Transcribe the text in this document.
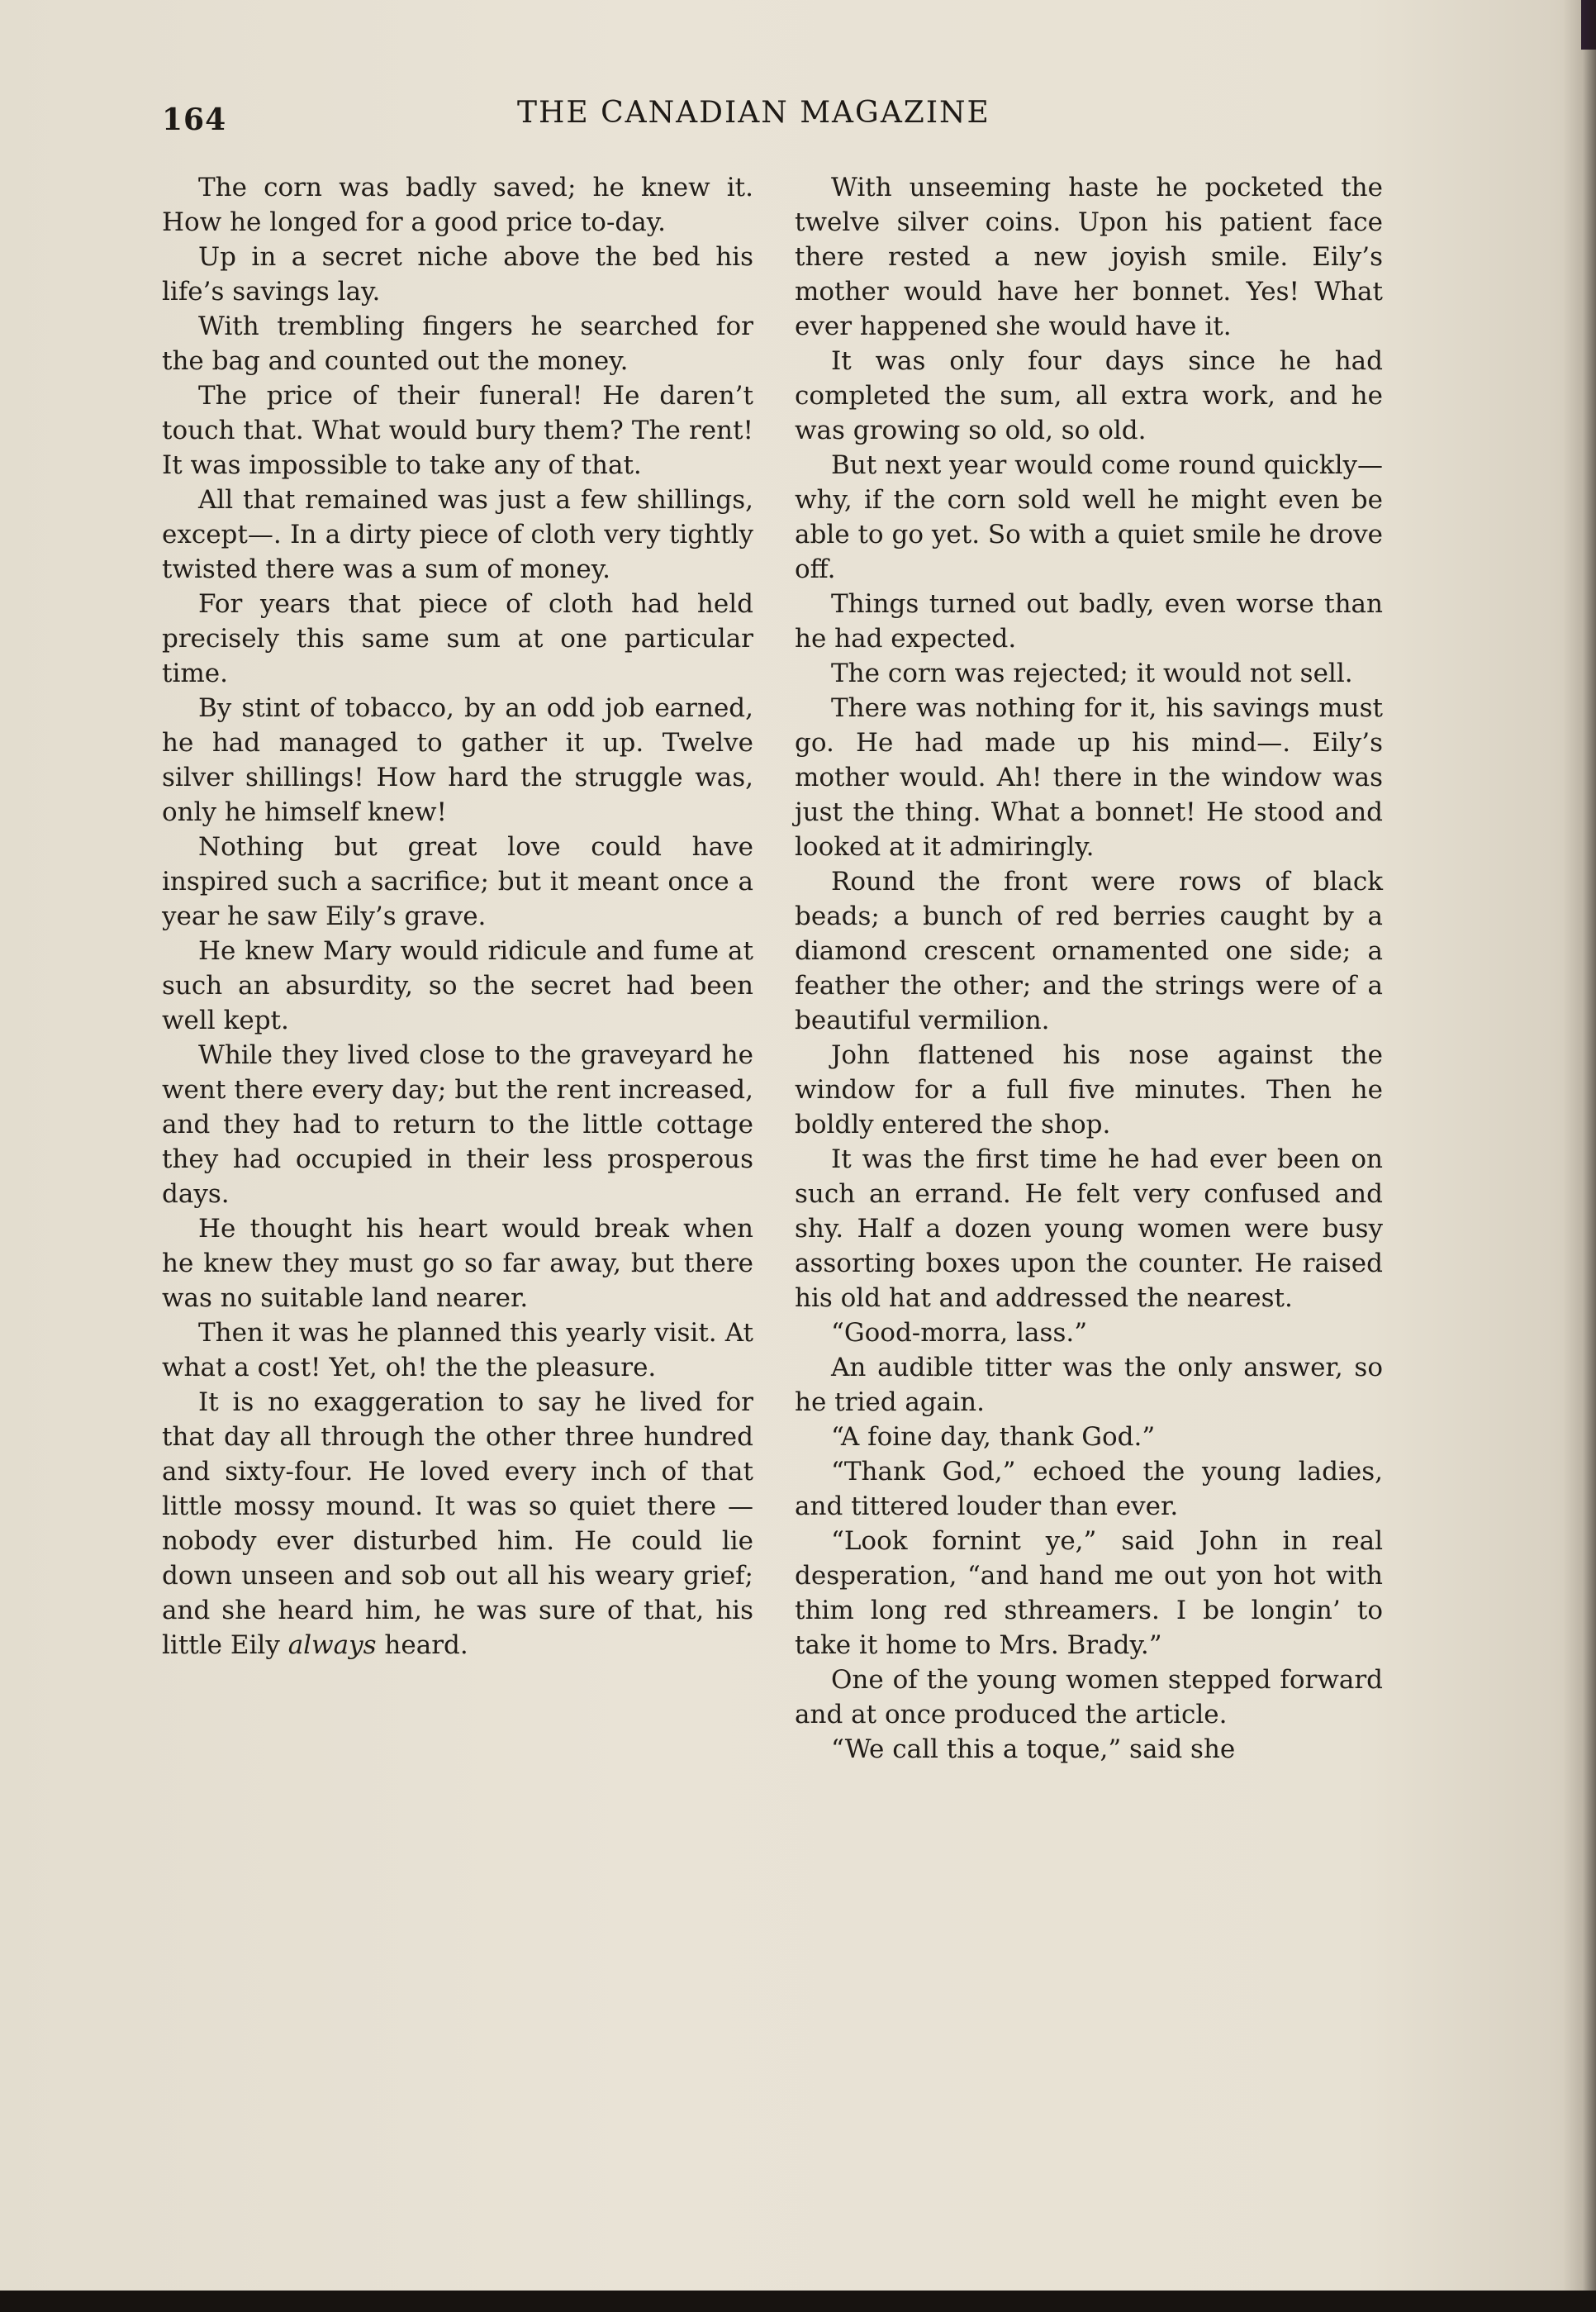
164	THE CANADIAN MAGAZINE

The corn was badly saved; he knew it. How he longed for a good price to-day.

Up in a secret niche above the bed his life’s savings lay.

With trembling fingers he searched for the bag and counted out the money.

The price of their funeral! He daren’t touch that. What would bury them? The rent! It was impossible to take any of that.

All that remained was just a few shillings, except—. In a dirty piece of cloth very tightly twisted there was a sum of money.

For years that piece of cloth had held precisely this same sum at one particular time.

By stint of tobacco, by an odd job earned, he had managed to gather it up. Twelve silver shillings! How hard the struggle was, only he himself knew!

Nothing but great love could have inspired such a sacrifice; but it meant once a year he saw Eily’s grave.

He knew Mary would ridicule and fume at such an absurdity, so the secret had been well kept.

While they lived close to the graveyard he went there every day; but the rent increased, and they had to return to the little cottage they had occupied in their less prosperous days.

He thought his heart would break when he knew they must go so far away, but there was no suitable land nearer.

Then it was he planned this yearly visit. At what a cost! Yet, oh! the the pleasure.

It is no exaggeration to say he lived for that day all through the other three hundred and sixty-four. He loved every inch of that little mossy mound. It was so quiet there —nobody ever disturbed him. He could lie down unseen and sob out all his weary grief; and she heard him, he was sure of that, his little Eily always heard.

With unseeming haste he pocketed the twelve silver coins. Upon his patient face there rested a new joyish smile. Eily’s mother would have her bonnet. Yes! What ever happened she would have it.

It was only four days since he had completed the sum, all extra work, and he was growing so old, so old.

But next year would come round quickly—why, if the corn sold well he might even be able to go yet. So with a quiet smile he drove off.

Things turned out badly, even worse than he had expected.

The corn was rejected; it would not sell.

There was nothing for it, his savings must go. He had made up his mind—. Eily’s mother would. Ah! there in the window was just the thing. What a bonnet! He stood and looked at it admiringly.

Round the front were rows of black beads; a bunch of red berries caught by a diamond crescent ornamented one side; a feather the other; and the strings were of a beautiful vermilion.

John flattened his nose against the window for a full five minutes. Then he boldly entered the shop.

It was the first time he had ever been on such an errand. He felt very confused and shy. Half a dozen young women were busy assorting boxes upon the counter. He raised his old hat and addressed the nearest.

“Good-morra, lass.”

An audible titter was the only answer, so he tried again.

“A foine day, thank God.”

“Thank God,” echoed the young ladies, and tittered louder than ever.

“Look fornint ye,” said John in real desperation, “and hand me out yon hot with thim long red sthreamers. I be longin’ to take it home to Mrs. Brady.”

One of the young women stepped forward and at once produced the article.

“We call this a toque,” said she
